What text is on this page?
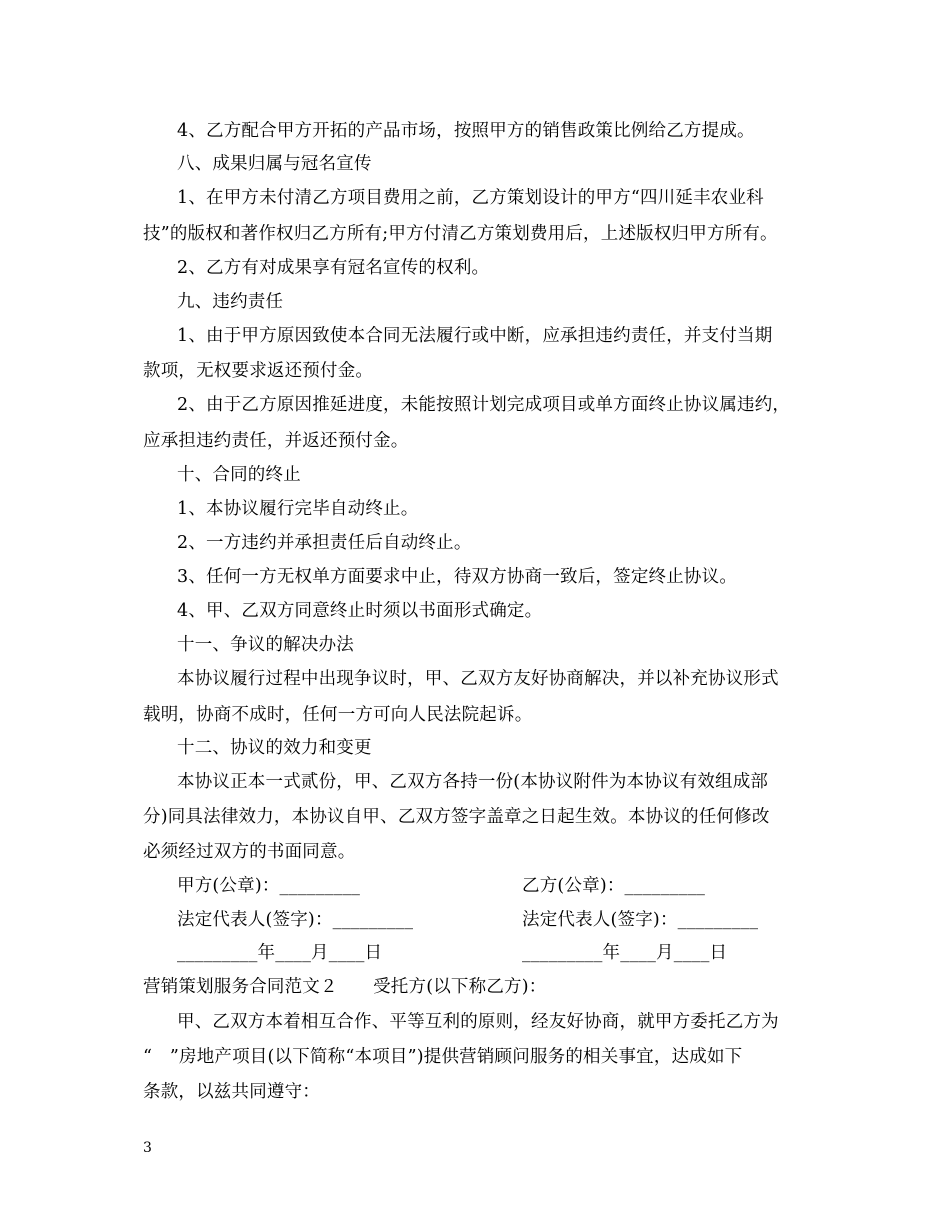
4、乙方配合甲方开拓的产品市场，按照甲方的销售政策比例给乙方提成。
八、成果归属与冠名宣传
1、在甲方未付清乙方项目费用之前，乙方策划设计的甲方“四川延丰农业科
技”的版权和著作权归乙方所有;甲方付清乙方策划费用后，上述版权归甲方所有。
2、乙方有对成果享有冠名宣传的权利。
九、违约责任
1、由于甲方原因致使本合同无法履行或中断，应承担违约责任，并支付当期
款项，无权要求返还预付金。
2、由于乙方原因推延进度，未能按照计划完成项目或单方面终止协议属违约，
应承担违约责任，并返还预付金。
十、合同的终止
1、本协议履行完毕自动终止。
2、一方违约并承担责任后自动终止。
3、任何一方无权单方面要求中止，待双方协商一致后，签定终止协议。
4、甲、乙双方同意终止时须以书面形式确定。
十一、争议的解决办法
本协议履行过程中出现争议时，甲、乙双方友好协商解决，并以补充协议形式
载明，协商不成时，任何一方可向人民法院起诉。
十二、协议的效力和变更
本协议正本一式贰份，甲、乙双方各持一份(本协议附件为本协议有效组成部
分)同具法律效力，本协议自甲、乙双方签字盖章之日起生效。本协议的任何修改
必须经过双方的书面同意。
甲方(公章)：_________	乙方(公章)：_________
法定代表人(签字)：_________	法定代表人(签字)：_________
_________年____月____日	_________年____月____日
营销策划服务合同范文２　　受托方(以下称乙方)：
甲、乙双方本着相互合作、平等互利的原则，经友好协商，就甲方委托乙方为
“　”房地产项目(以下简称“本项目”)提供营销顾问服务的相关事宜，达成如下
条款，以兹共同遵守：
3
